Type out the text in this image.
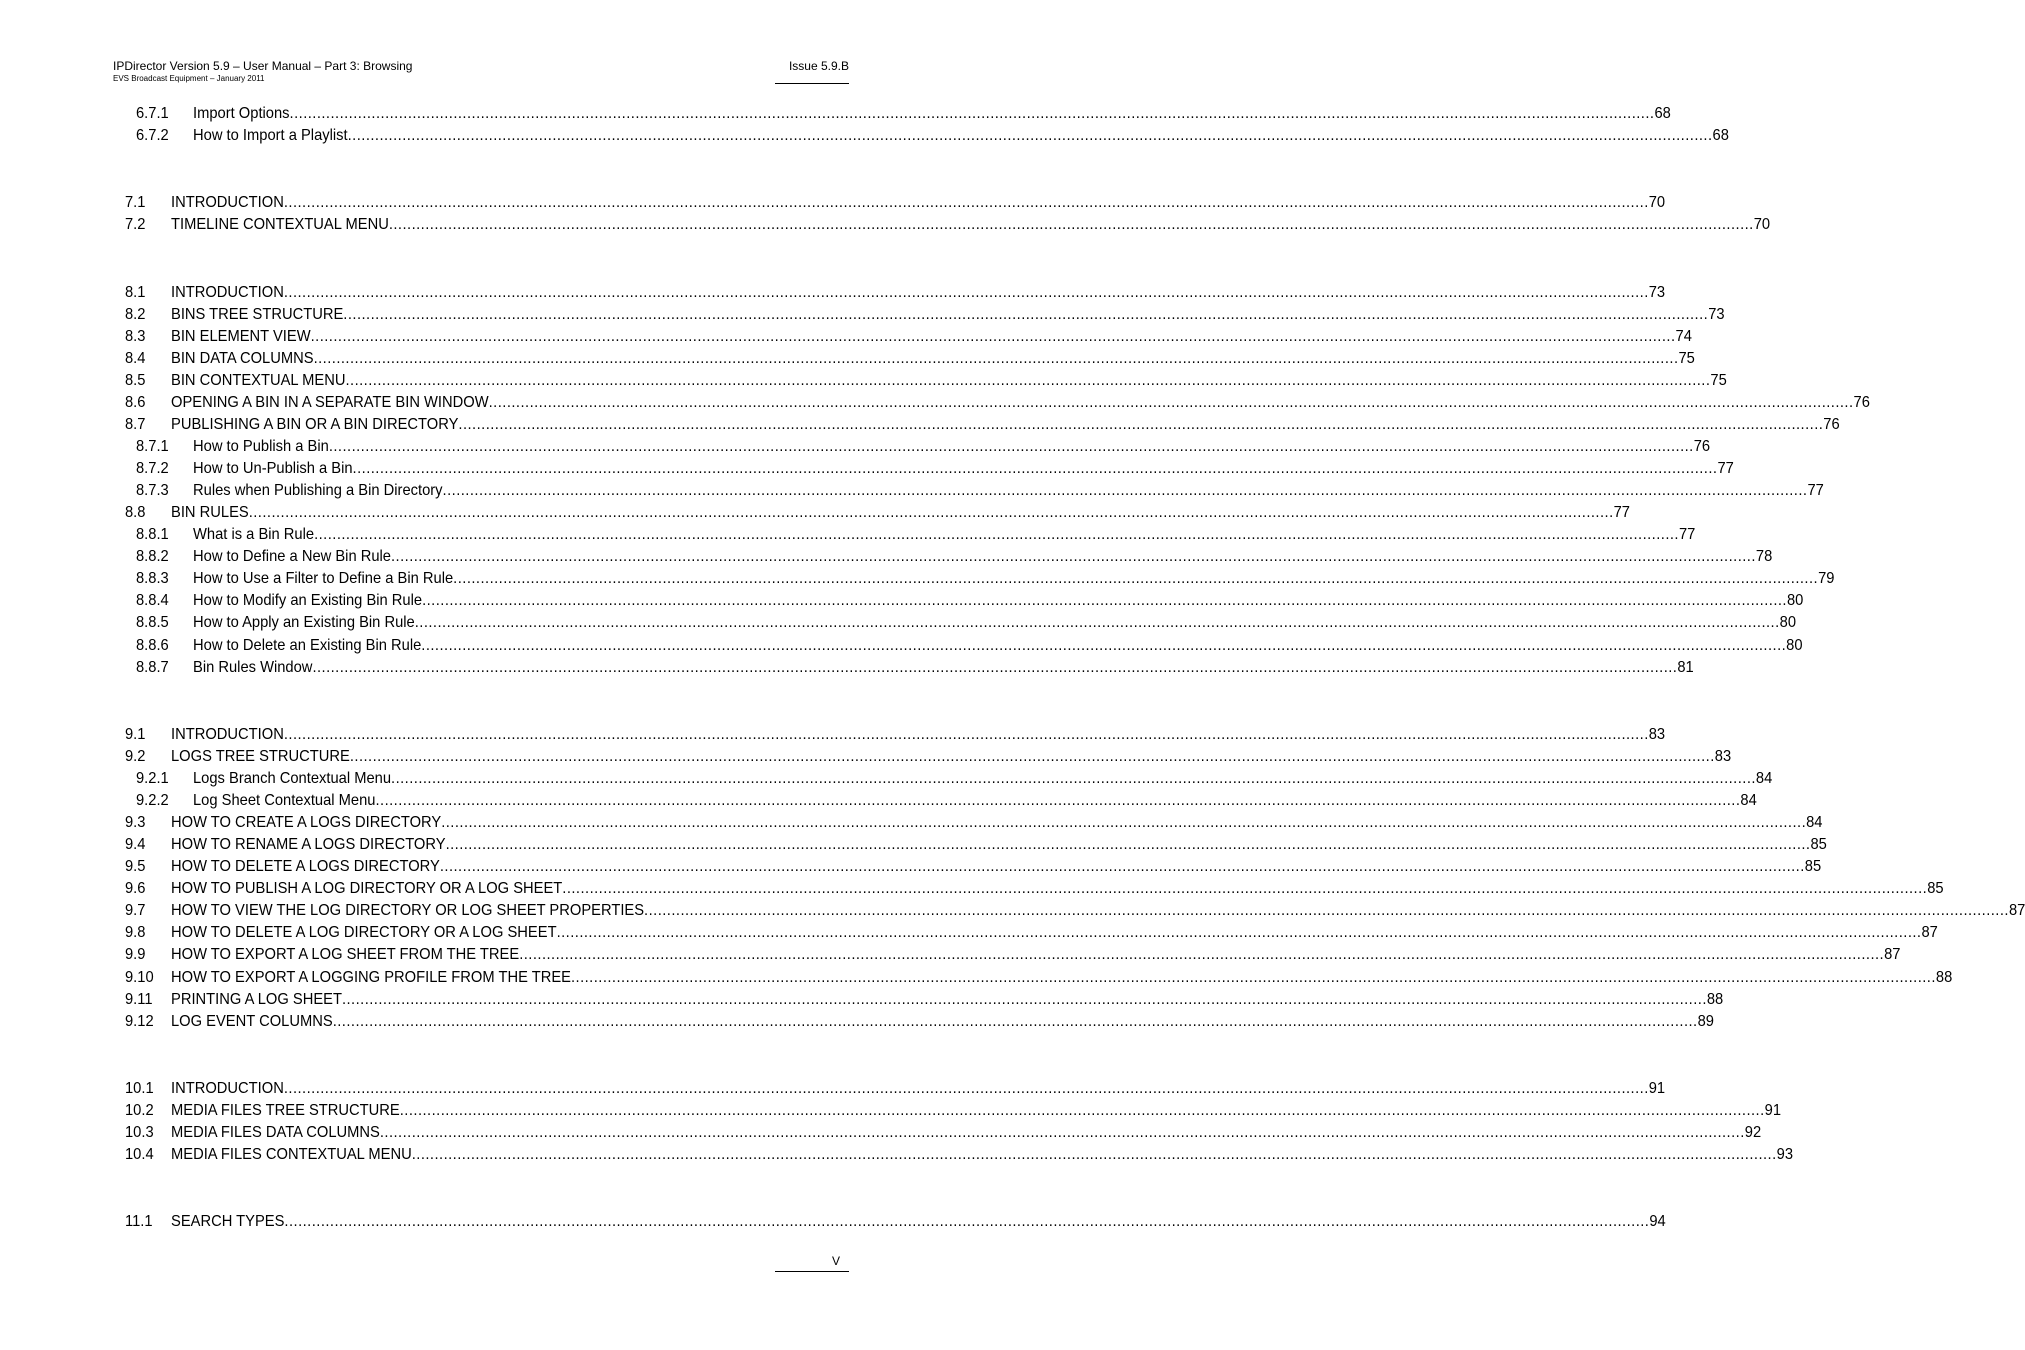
IPDirector Version 5.9 – User Manual – Part 3: Browsing
EVS Broadcast Equipment – January 2011
Issue 5.9.B
6.7.1	Import Options ............................................................................................................................................................................................................................................................................................................ 68
6.7.2	How to Import a Playlist ............................................................................................................................................................................................................................................................................................................ 68
7.1	INTRODUCTION ............................................................................................................................................................................................................................................................................................................ 70
7.2	TIMELINE CONTEXTUAL MENU ............................................................................................................................................................................................................................................................................................................ 70
8.1	INTRODUCTION ............................................................................................................................................................................................................................................................................................................ 73
8.2	BINS TREE STRUCTURE ............................................................................................................................................................................................................................................................................................................ 73
8.3	BIN ELEMENT VIEW ............................................................................................................................................................................................................................................................................................................ 74
8.4	BIN DATA COLUMNS ............................................................................................................................................................................................................................................................................................................ 75
8.5	BIN CONTEXTUAL MENU ............................................................................................................................................................................................................................................................................................................ 75
8.6	OPENING A BIN IN A SEPARATE BIN WINDOW ............................................................................................................................................................................................................................................................................................................ 76
8.7	PUBLISHING A BIN OR A BIN DIRECTORY ............................................................................................................................................................................................................................................................................................................ 76
8.7.1	How to Publish a Bin ............................................................................................................................................................................................................................................................................................................ 76
8.7.2	How to Un-Publish a Bin ............................................................................................................................................................................................................................................................................................................ 77
8.7.3	Rules when Publishing a Bin Directory ............................................................................................................................................................................................................................................................................................................ 77
8.8	BIN RULES ............................................................................................................................................................................................................................................................................................................ 77
8.8.1	What is a Bin Rule ............................................................................................................................................................................................................................................................................................................ 77
8.8.2	How to Define a New Bin Rule ............................................................................................................................................................................................................................................................................................................ 78
8.8.3	How to Use a Filter to Define a Bin Rule ............................................................................................................................................................................................................................................................................................................ 79
8.8.4	How to Modify an Existing Bin Rule ............................................................................................................................................................................................................................................................................................................ 80
8.8.5	How to Apply an Existing Bin Rule ............................................................................................................................................................................................................................................................................................................ 80
8.8.6	How to Delete an Existing Bin Rule ............................................................................................................................................................................................................................................................................................................ 80
8.8.7	Bin Rules Window ............................................................................................................................................................................................................................................................................................................ 81
9.1	INTRODUCTION ............................................................................................................................................................................................................................................................................................................ 83
9.2	LOGS TREE STRUCTURE ............................................................................................................................................................................................................................................................................................................ 83
9.2.1	Logs Branch Contextual Menu ............................................................................................................................................................................................................................................................................................................ 84
9.2.2	Log Sheet Contextual Menu ............................................................................................................................................................................................................................................................................................................ 84
9.3	HOW TO CREATE A LOGS DIRECTORY ............................................................................................................................................................................................................................................................................................................ 84
9.4	HOW TO RENAME A LOGS DIRECTORY ............................................................................................................................................................................................................................................................................................................ 85
9.5	HOW TO DELETE A LOGS DIRECTORY ............................................................................................................................................................................................................................................................................................................ 85
9.6	HOW TO PUBLISH A LOG DIRECTORY OR A LOG SHEET ............................................................................................................................................................................................................................................................................................................ 85
9.7	HOW TO VIEW THE LOG DIRECTORY OR LOG SHEET PROPERTIES ............................................................................................................................................................................................................................................................................................................ 87
9.8	HOW TO DELETE A LOG DIRECTORY OR A LOG SHEET ............................................................................................................................................................................................................................................................................................................ 87
9.9	HOW TO EXPORT A LOG SHEET FROM THE TREE ............................................................................................................................................................................................................................................................................................................ 87
9.10	HOW TO EXPORT A LOGGING PROFILE FROM THE TREE ............................................................................................................................................................................................................................................................................................................ 88
9.11	PRINTING A LOG SHEET ............................................................................................................................................................................................................................................................................................................ 88
9.12	LOG EVENT COLUMNS ............................................................................................................................................................................................................................................................................................................ 89
10.1	INTRODUCTION ............................................................................................................................................................................................................................................................................................................ 91
10.2	MEDIA FILES TREE STRUCTURE ............................................................................................................................................................................................................................................................................................................ 91
10.3	MEDIA FILES DATA COLUMNS ............................................................................................................................................................................................................................................................................................................ 92
10.4	MEDIA FILES CONTEXTUAL MENU ............................................................................................................................................................................................................................................................................................................ 93
11.1	SEARCH TYPES ............................................................................................................................................................................................................................................................................................................ 94
V
